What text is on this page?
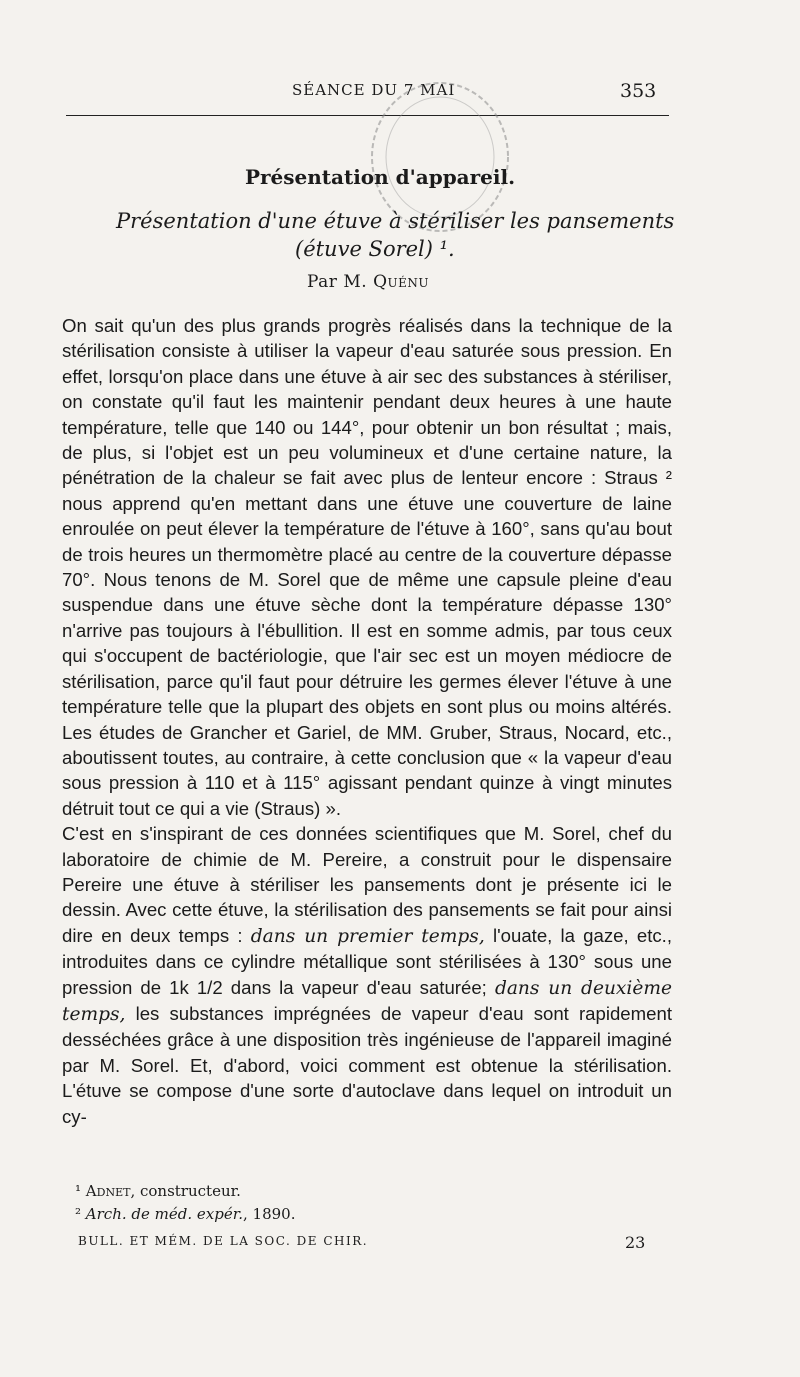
SÉANCE DU 7 MAI	353
Présentation d'appareil.
Présentation d'une étuve à stériliser les pansements
(étuve Sorel) ¹.
Par M. Quénu

On sait qu'un des plus grands progrès réalisés dans la technique de la stérilisation consiste à utiliser la vapeur d'eau saturée sous pression. En effet, lorsqu'on place dans une étuve à air sec des substances à stériliser, on constate qu'il faut les maintenir pendant deux heures à une haute température, telle que 140 ou 144°, pour obtenir un bon résultat ; mais, de plus, si l'objet est un peu volumineux et d'une certaine nature, la pénétration de la chaleur se fait avec plus de lenteur encore : Straus ² nous apprend qu'en mettant dans une étuve une couverture de laine enroulée on peut élever la température de l'étuve à 160°, sans qu'au bout de trois heures un thermomètre placé au centre de la couverture dépasse 70°. Nous tenons de M. Sorel que de même une capsule pleine d'eau suspendue dans une étuve sèche dont la température dépasse 130° n'arrive pas toujours à l'ébullition. Il est en somme admis, par tous ceux qui s'occupent de bactériologie, que l'air sec est un moyen médiocre de stérilisation, parce qu'il faut pour détruire les germes élever l'étuve à une température telle que la plupart des objets en sont plus ou moins altérés. Les études de Grancher et Gariel, de MM. Gruber, Straus, Nocard, etc., aboutissent toutes, au contraire, à cette conclusion que « la vapeur d'eau sous pression à 110 et à 115° agissant pendant quinze à vingt minutes détruit tout ce qui a vie (Straus) ».

C'est en s'inspirant de ces données scientifiques que M. Sorel, chef du laboratoire de chimie de M. Pereire, a construit pour le dispensaire Pereire une étuve à stériliser les pansements dont je présente ici le dessin. Avec cette étuve, la stérilisation des pansements se fait pour ainsi dire en deux temps : dans un premier temps, l'ouate, la gaze, etc., introduites dans ce cylindre métallique sont stérilisées à 130° sous une pression de 1k 1/2 dans la vapeur d'eau saturée; dans un deuxième temps, les substances imprégnées de vapeur d'eau sont rapidement desséchées grâce à une disposition très ingénieuse de l'appareil imaginé par M. Sorel. Et, d'abord, voici comment est obtenue la stérilisation. L'étuve se compose d'une sorte d'autoclave dans lequel on introduit un cy-

¹ Adnet, constructeur.
² Arch. de méd. expér., 1890.
BULL. ET MÉM. DE LA SOC. DE CHIR.	23
